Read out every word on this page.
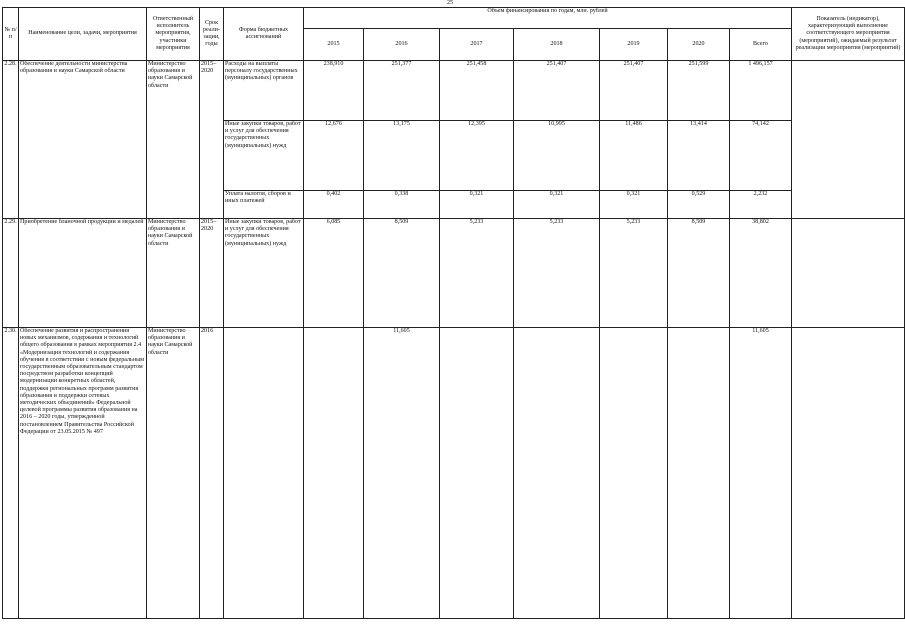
25
№ п/п	Наименование цели, задачи, мероприятия	Ответственный исполнитель мероприятия, участники мероприятия	Срок реали-зации, годы	Форма бюджетных ассигнований	Объем финансирования по годам, млн. рублей							Показатель (индикатор), характеризующий выполнение соответствующего мероприятия (мероприятий), ожидаемый результат реализации мероприятия (мероприятий)
					2015	2016	2017	2018	2019	2020	Всего	
2.28.	Обеспечение деятельности министерства образования и науки Самарской области	Министерство образования и науки Самарской области	2015– 2020	Расходы на выплаты персоналу государственных (муниципальных) органов	238,910	251,377	251,458	251,407	251,407	251,599	1 496,157	
				Иные закупки товаров, работ и услуг для обеспечения государственных (муниципальных) нужд	12,676	13,175	12,395	10,995	11,486	13,414	74,142	
				Уплата налогов, сборов и иных платежей	0,402	0,338	0,321	0,321	0,321	0,529	2,232	
2.29.	Приобретение бланочной продукции и медалей	Министерство образования и науки Самарской области	2015– 2020	Иные закупки товаров, работ и услуг для обеспечения государственных (муниципальных) нужд	6,085	8,509	5,233	5,233	5,233	8,509	38,802	
2.30.	Обеспечение развития и распространения новых механизмов, содержания и технологий общего образования в рамках мероприятия 2.4 «Модернизация технологий и содержания обучения в соответствии с новым федеральным государственным образовательным стандартом посредством разработки концепций модернизации конкретных областей, поддержки региональных программ развития образования и поддержки сетевых методических объединений» Федеральной целевой программы развития образования на 2016 – 2020 годы, утвержденной постановлением Правительства Российской Федерации от 23.05.2015 № 497	Министерство образования и науки Самарской области	2016			11,605					11,605	
